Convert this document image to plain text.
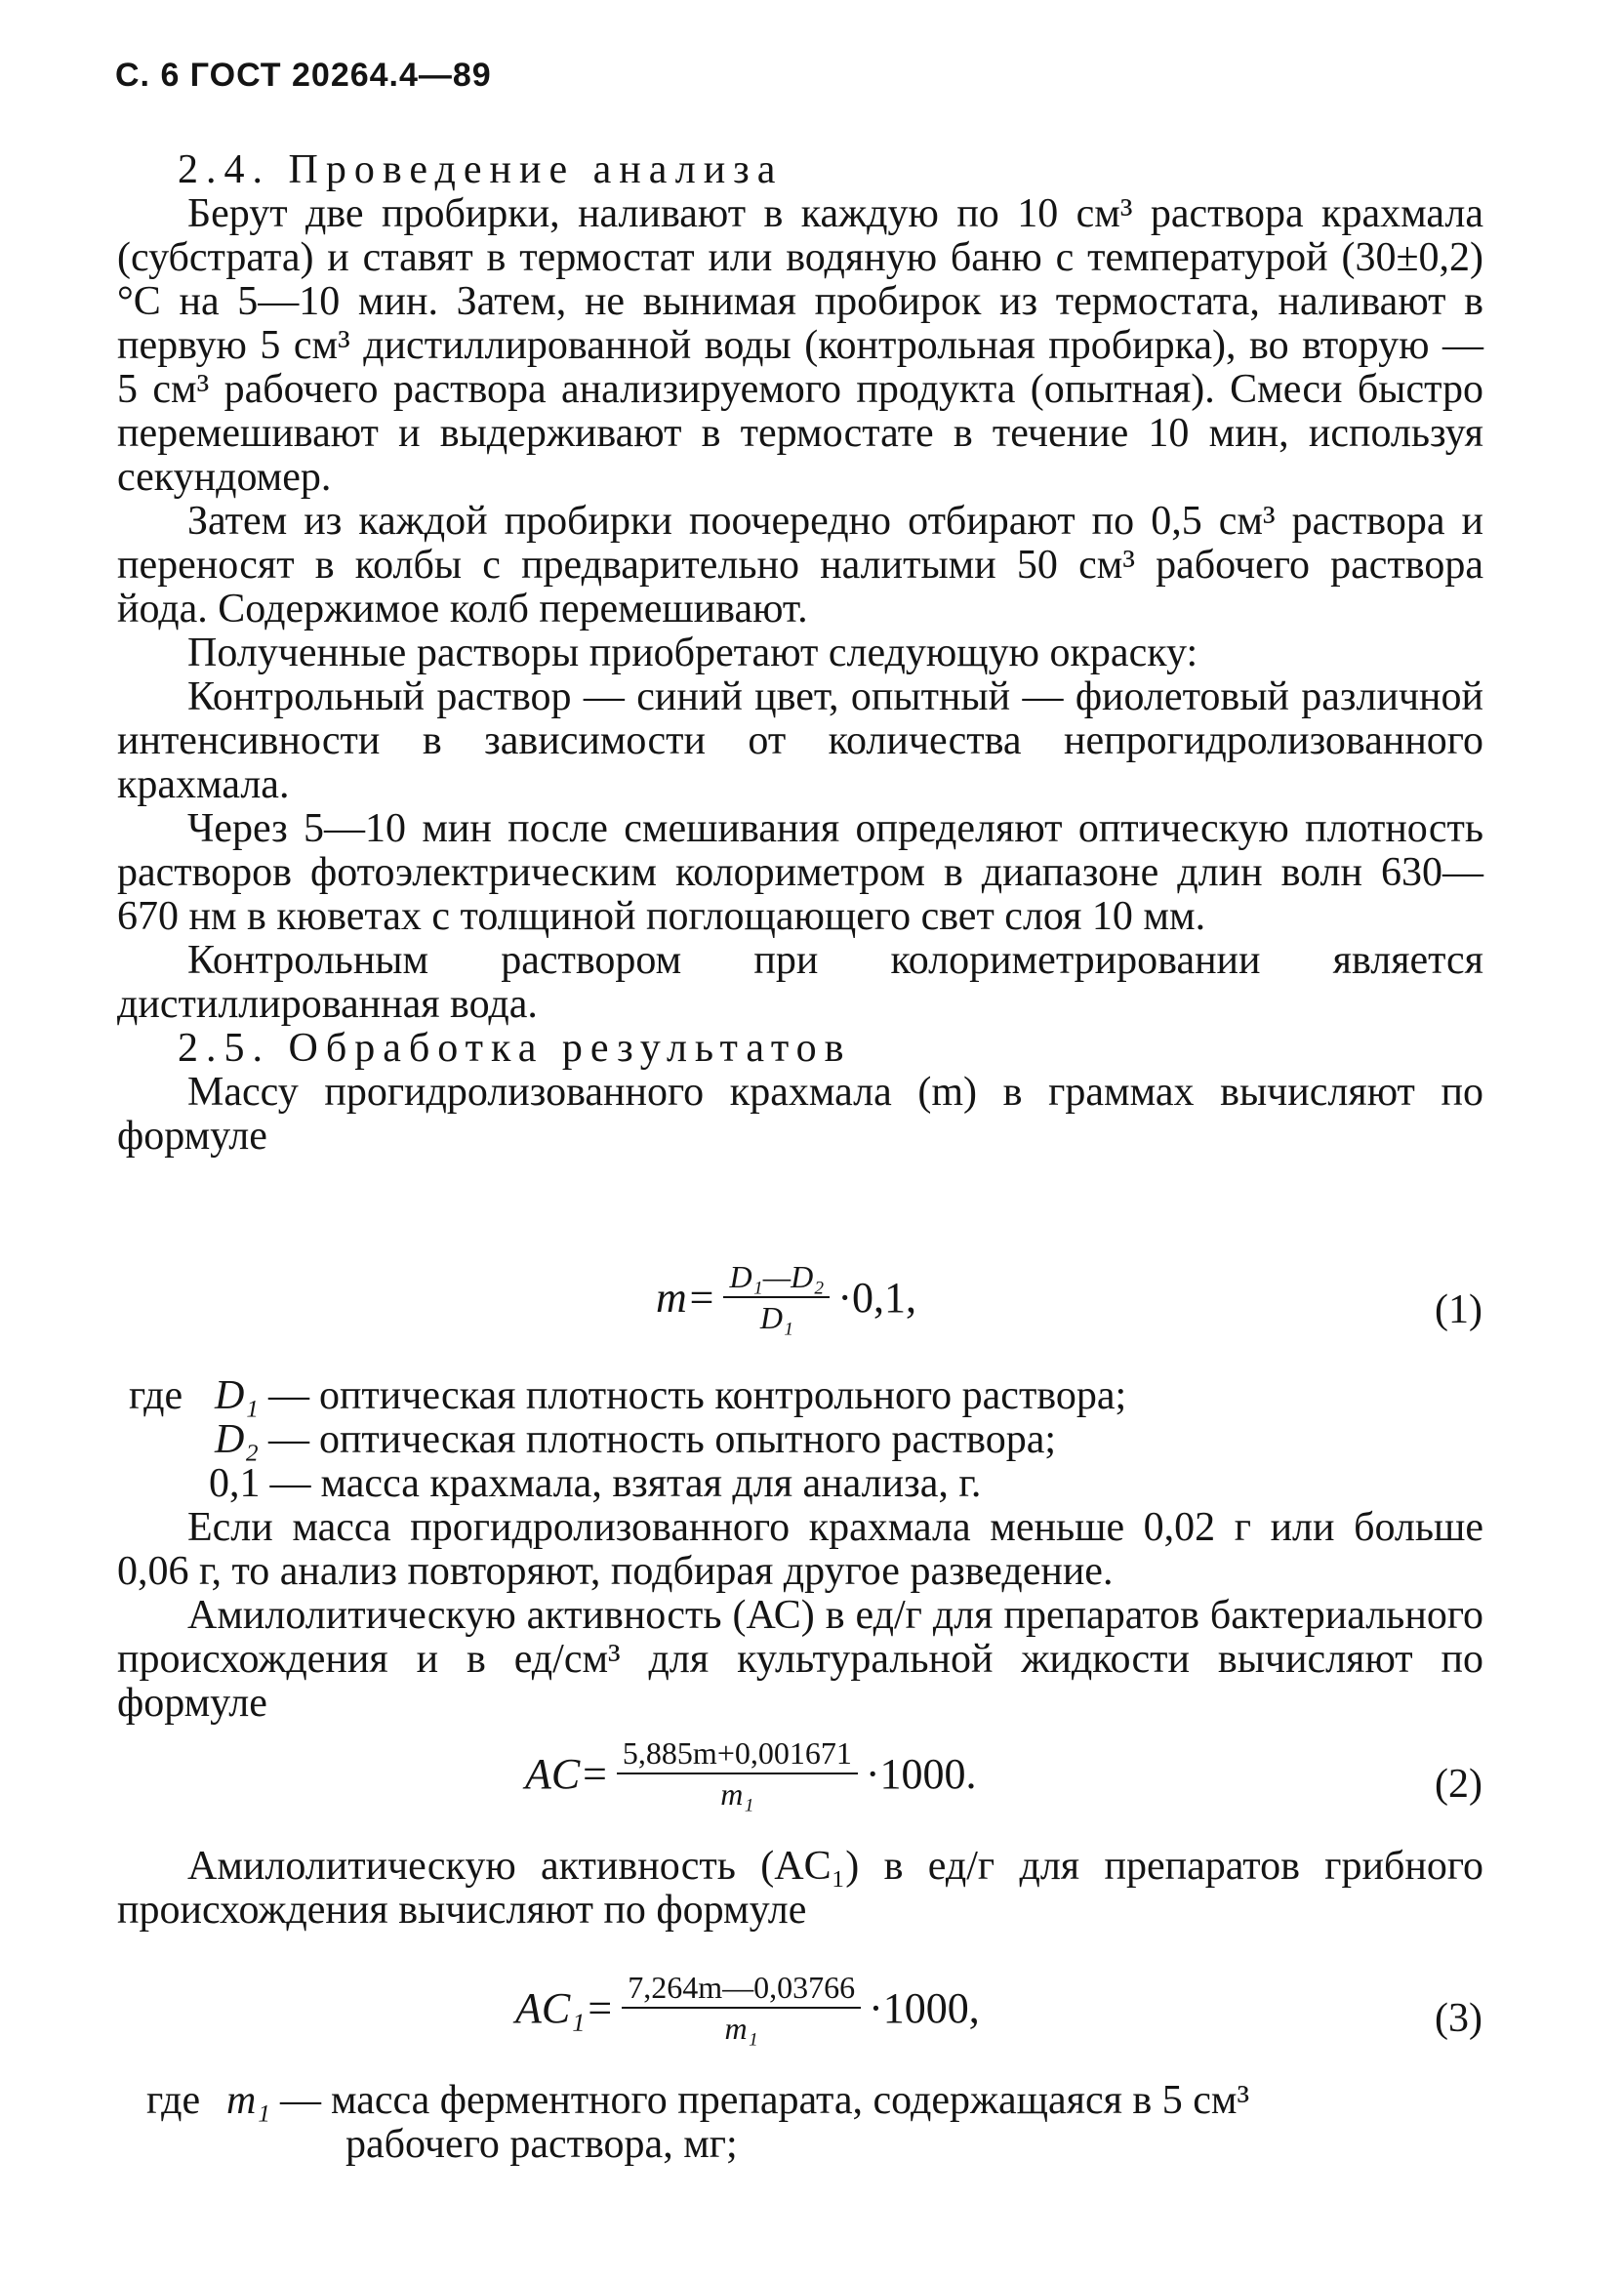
С. 6 ГОСТ 20264.4—89

2.4. Проведение анализа

Берут две пробирки, наливают в каждую по 10 см³ раствора крахмала (субстрата) и ставят в термостат или водяную баню с температурой (30±0,2)°С на 5—10 мин. Затем, не вынимая пробирок из термостата, наливают в первую 5 см³ дистиллированной воды (контрольная пробирка), во вторую — 5 см³ рабочего раствора анализируемого продукта (опытная). Смеси быстро перемешивают и выдерживают в термостате в течение 10 мин, используя секундомер.

Затем из каждой пробирки поочередно отбирают по 0,5 см³ раствора и переносят в колбы с предварительно налитыми 50 см³ рабочего раствора йода. Содержимое колб перемешивают.

Полученные растворы приобретают следующую окраску:

Контрольный раствор — синий цвет, опытный — фиолетовый различной интенсивности в зависимости от количества непрогидролизованного крахмала.

Через 5—10 мин после смешивания определяют оптическую плотность растворов фотоэлектрическим колориметром в диапазоне длин волн 630—670 нм в кюветах с толщиной поглощающего свет слоя 10 мм.

Контрольным раствором при колориметрировании является дистиллированная вода.

2.5. Обработка результатов

Массу прогидролизованного крахмала (m) в граммах вычисляют по формуле

$m= \frac{\text{D₁—D₂}}{\text{D₁}} \cdot 0,1$,	(1)
где D₁ — оптическая плотность контрольного раствора;
D₂ — оптическая плотность опытного раствора;
0,1 — масса крахмала, взятая для анализа, г.

Если масса прогидролизованного крахмала меньше 0,02 г или больше 0,06 г, то анализ повторяют, подбирая другое разведение.

Амилолитическую активность (АС) в ед/г для препаратов бактериального происхождения и в ед/см³ для культуральной жидкости вычисляют по формуле

$AC= \frac{5,885m+0,001671}{\text{m₁}} \cdot 1000$.	(2)

Амилолитическую активность (AC₁) в ед/г для препаратов грибного происхождения вычисляют по формуле

$AC_1= \frac{7,264m—0,03766}{\text{m₁}} \cdot 1000$,	(3)
где m₁ — масса ферментного препарата, содержащаяся в 5 см³
рабочего раствора, мг;
